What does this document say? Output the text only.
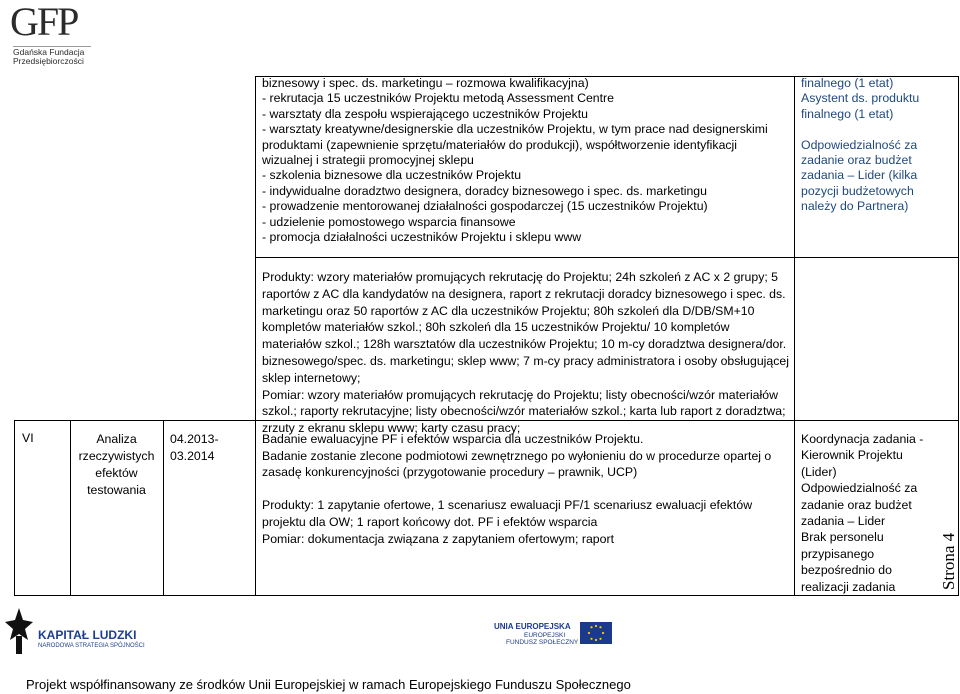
GFP
Gdańska Fundacja
Przedsiębiorczości
biznesowy i spec. ds. marketingu – rozmowa kwalifikacyjna)
- rekrutacja 15 uczestników Projektu metodą Assessment Centre
- warsztaty dla zespołu wspierającego uczestników Projektu
- warsztaty kreatywne/designerskie dla uczestników Projektu, w tym prace nad designerskimi
produktami (zapewnienie sprzętu/materiałów do produkcji), współtworzenie identyfikacji
wizualnej i strategii promocyjnej sklepu
- szkolenia biznesowe dla uczestników Projektu
- indywidualne doradztwo designera, doradcy biznesowego i spec. ds. marketingu
- prowadzenie mentorowanej działalności gospodarczej (15 uczestników Projektu)
- udzielenie pomostowego wsparcia finansowe
- promocja działalności uczestników Projektu i sklepu www
finalnego (1 etat)
Asystent ds. produktu
finalnego (1 etat)
Odpowiedzialność za
zadanie oraz budżet
zadania – Lider (kilka
pozycji budżetowych
należy do Partnera)
Produkty: wzory materiałów promujących rekrutację do Projektu; 24h szkoleń z AC x 2 grupy; 5
raportów z AC dla kandydatów na designera, raport z rekrutacji doradcy biznesowego i spec. ds.
marketingu oraz 50 raportów z AC dla uczestników Projektu; 80h szkoleń dla D/DB/SM+10
kompletów materiałów szkol.; 80h szkoleń dla 15 uczestników Projektu/ 10 kompletów
materiałów szkol.; 128h warsztatów dla uczestników Projektu; 10 m-cy doradztwa designera/dor.
biznesowego/spec. ds. marketingu; sklep www; 7 m-cy pracy administratora i osoby obsługującej
sklep internetowy;
Pomiar: wzory materiałów promujących rekrutację do Projektu; listy obecności/wzór materiałów
szkol.; raporty rekrutacyjne; listy obecności/wzór materiałów szkol.; karta lub raport z doradztwa;
zrzuty z ekranu sklepu www; karty czasu pracy;
VI	Analiza
rzeczywistych
efektów
testowania
04.2013-
03.2014
Badanie ewaluacyjne PF i efektów wsparcia dla uczestników Projektu.
Badanie zostanie zlecone podmiotowi zewnętrznego po wyłonieniu do w procedurze opartej o
zasadę konkurencyjności (przygotowanie procedury – prawnik, UCP)
Produkty: 1 zapytanie ofertowe, 1 scenariusz ewaluacji PF/1 scenariusz ewaluacji efektów
projektu dla OW; 1 raport końcowy dot. PF i efektów wsparcia
Pomiar: dokumentacja związana z zapytaniem ofertowym; raport
Koordynacja zadania -
Kierownik Projektu
(Lider)
Odpowiedzialność za
zadanie oraz budżet
zadania – Lider
Brak personelu
przypisanego
bezpośrednio do
realizacji zadania	Strona 4
KAPITAŁ LUDZKI
NARODOWA STRATEGIA SPÓJNOŚCI
UNIA EUROPEJSKA
EUROPEJSKI
FUNDUSZ SPOŁECZNY
Projekt współfinansowany ze środków Unii Europejskiej w ramach Europejskiego Funduszu Społecznego
